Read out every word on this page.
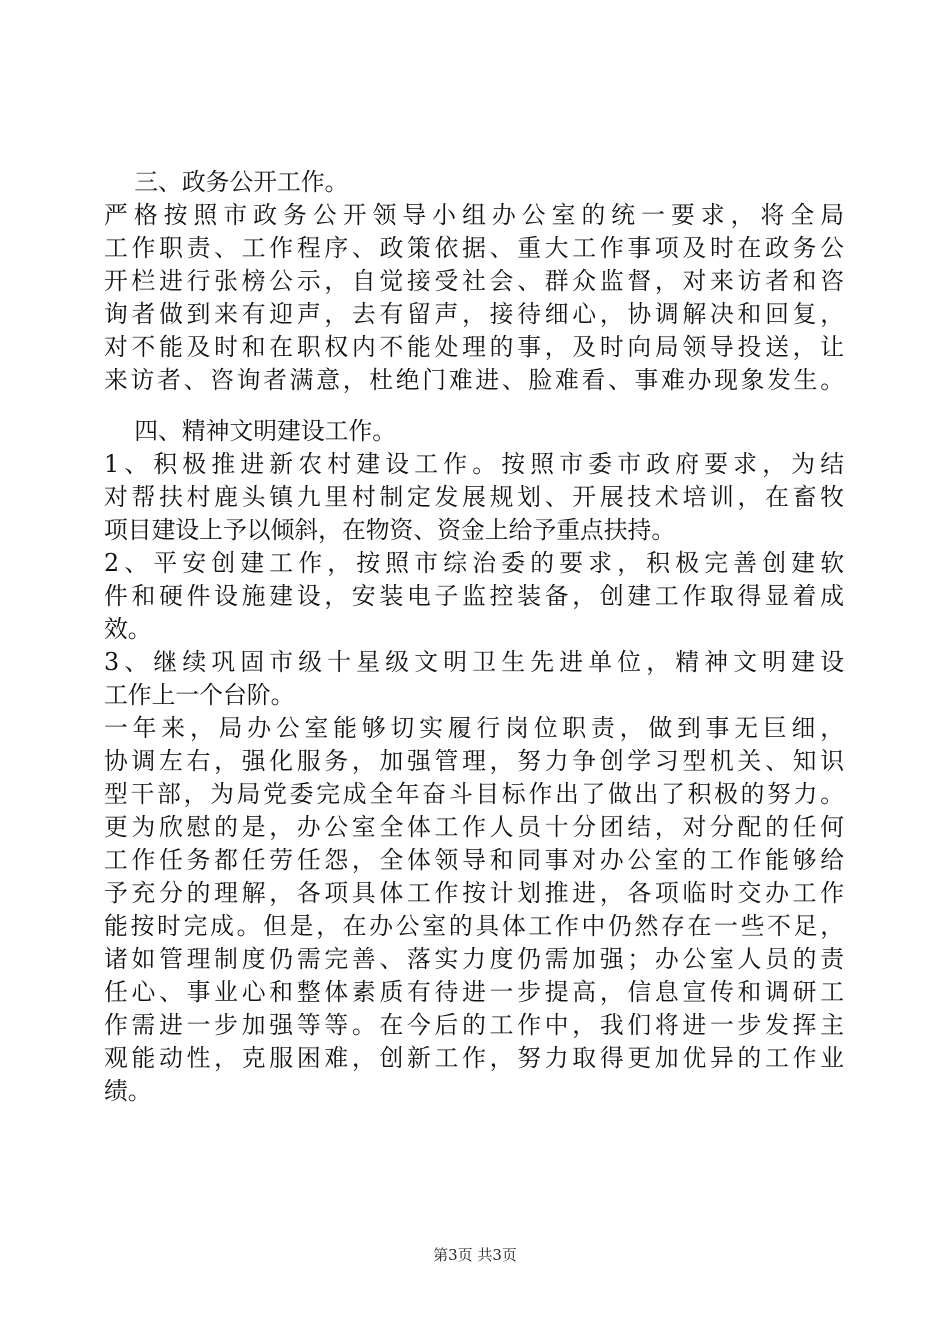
三、政务公开工作。
严格按照市政务公开领导小组办公室的统一要求，将全局
工作职责、工作程序、政策依据、重大工作事项及时在政务公
开栏进行张榜公示，自觉接受社会、群众监督，对来访者和咨
询者做到来有迎声，去有留声，接待细心，协调解决和回复，
对不能及时和在职权内不能处理的事，及时向局领导投送，让
来访者、咨询者满意，杜绝门难进、脸难看、事难办现象发生。
四、精神文明建设工作。
1、积极推进新农村建设工作。按照市委市政府要求，为结
对帮扶村鹿头镇九里村制定发展规划、开展技术培训，在畜牧
项目建设上予以倾斜，在物资、资金上给予重点扶持。
2、平安创建工作，按照市综治委的要求，积极完善创建软
件和硬件设施建设，安装电子监控装备，创建工作取得显着成
效。
3、继续巩固市级十星级文明卫生先进单位，精神文明建设
工作上一个台阶。
一年来，局办公室能够切实履行岗位职责，做到事无巨细，
协调左右，强化服务，加强管理，努力争创学习型机关、知识
型干部，为局党委完成全年奋斗目标作出了做出了积极的努力。
更为欣慰的是，办公室全体工作人员十分团结，对分配的任何
工作任务都任劳任怨，全体领导和同事对办公室的工作能够给
予充分的理解，各项具体工作按计划推进，各项临时交办工作
能按时完成。但是，在办公室的具体工作中仍然存在一些不足，
诸如管理制度仍需完善、落实力度仍需加强；办公室人员的责
任心、事业心和整体素质有待进一步提高，信息宣传和调研工
作需进一步加强等等。在今后的工作中，我们将进一步发挥主
观能动性，克服困难，创新工作，努力取得更加优异的工作业
绩。
第3页 共3页
